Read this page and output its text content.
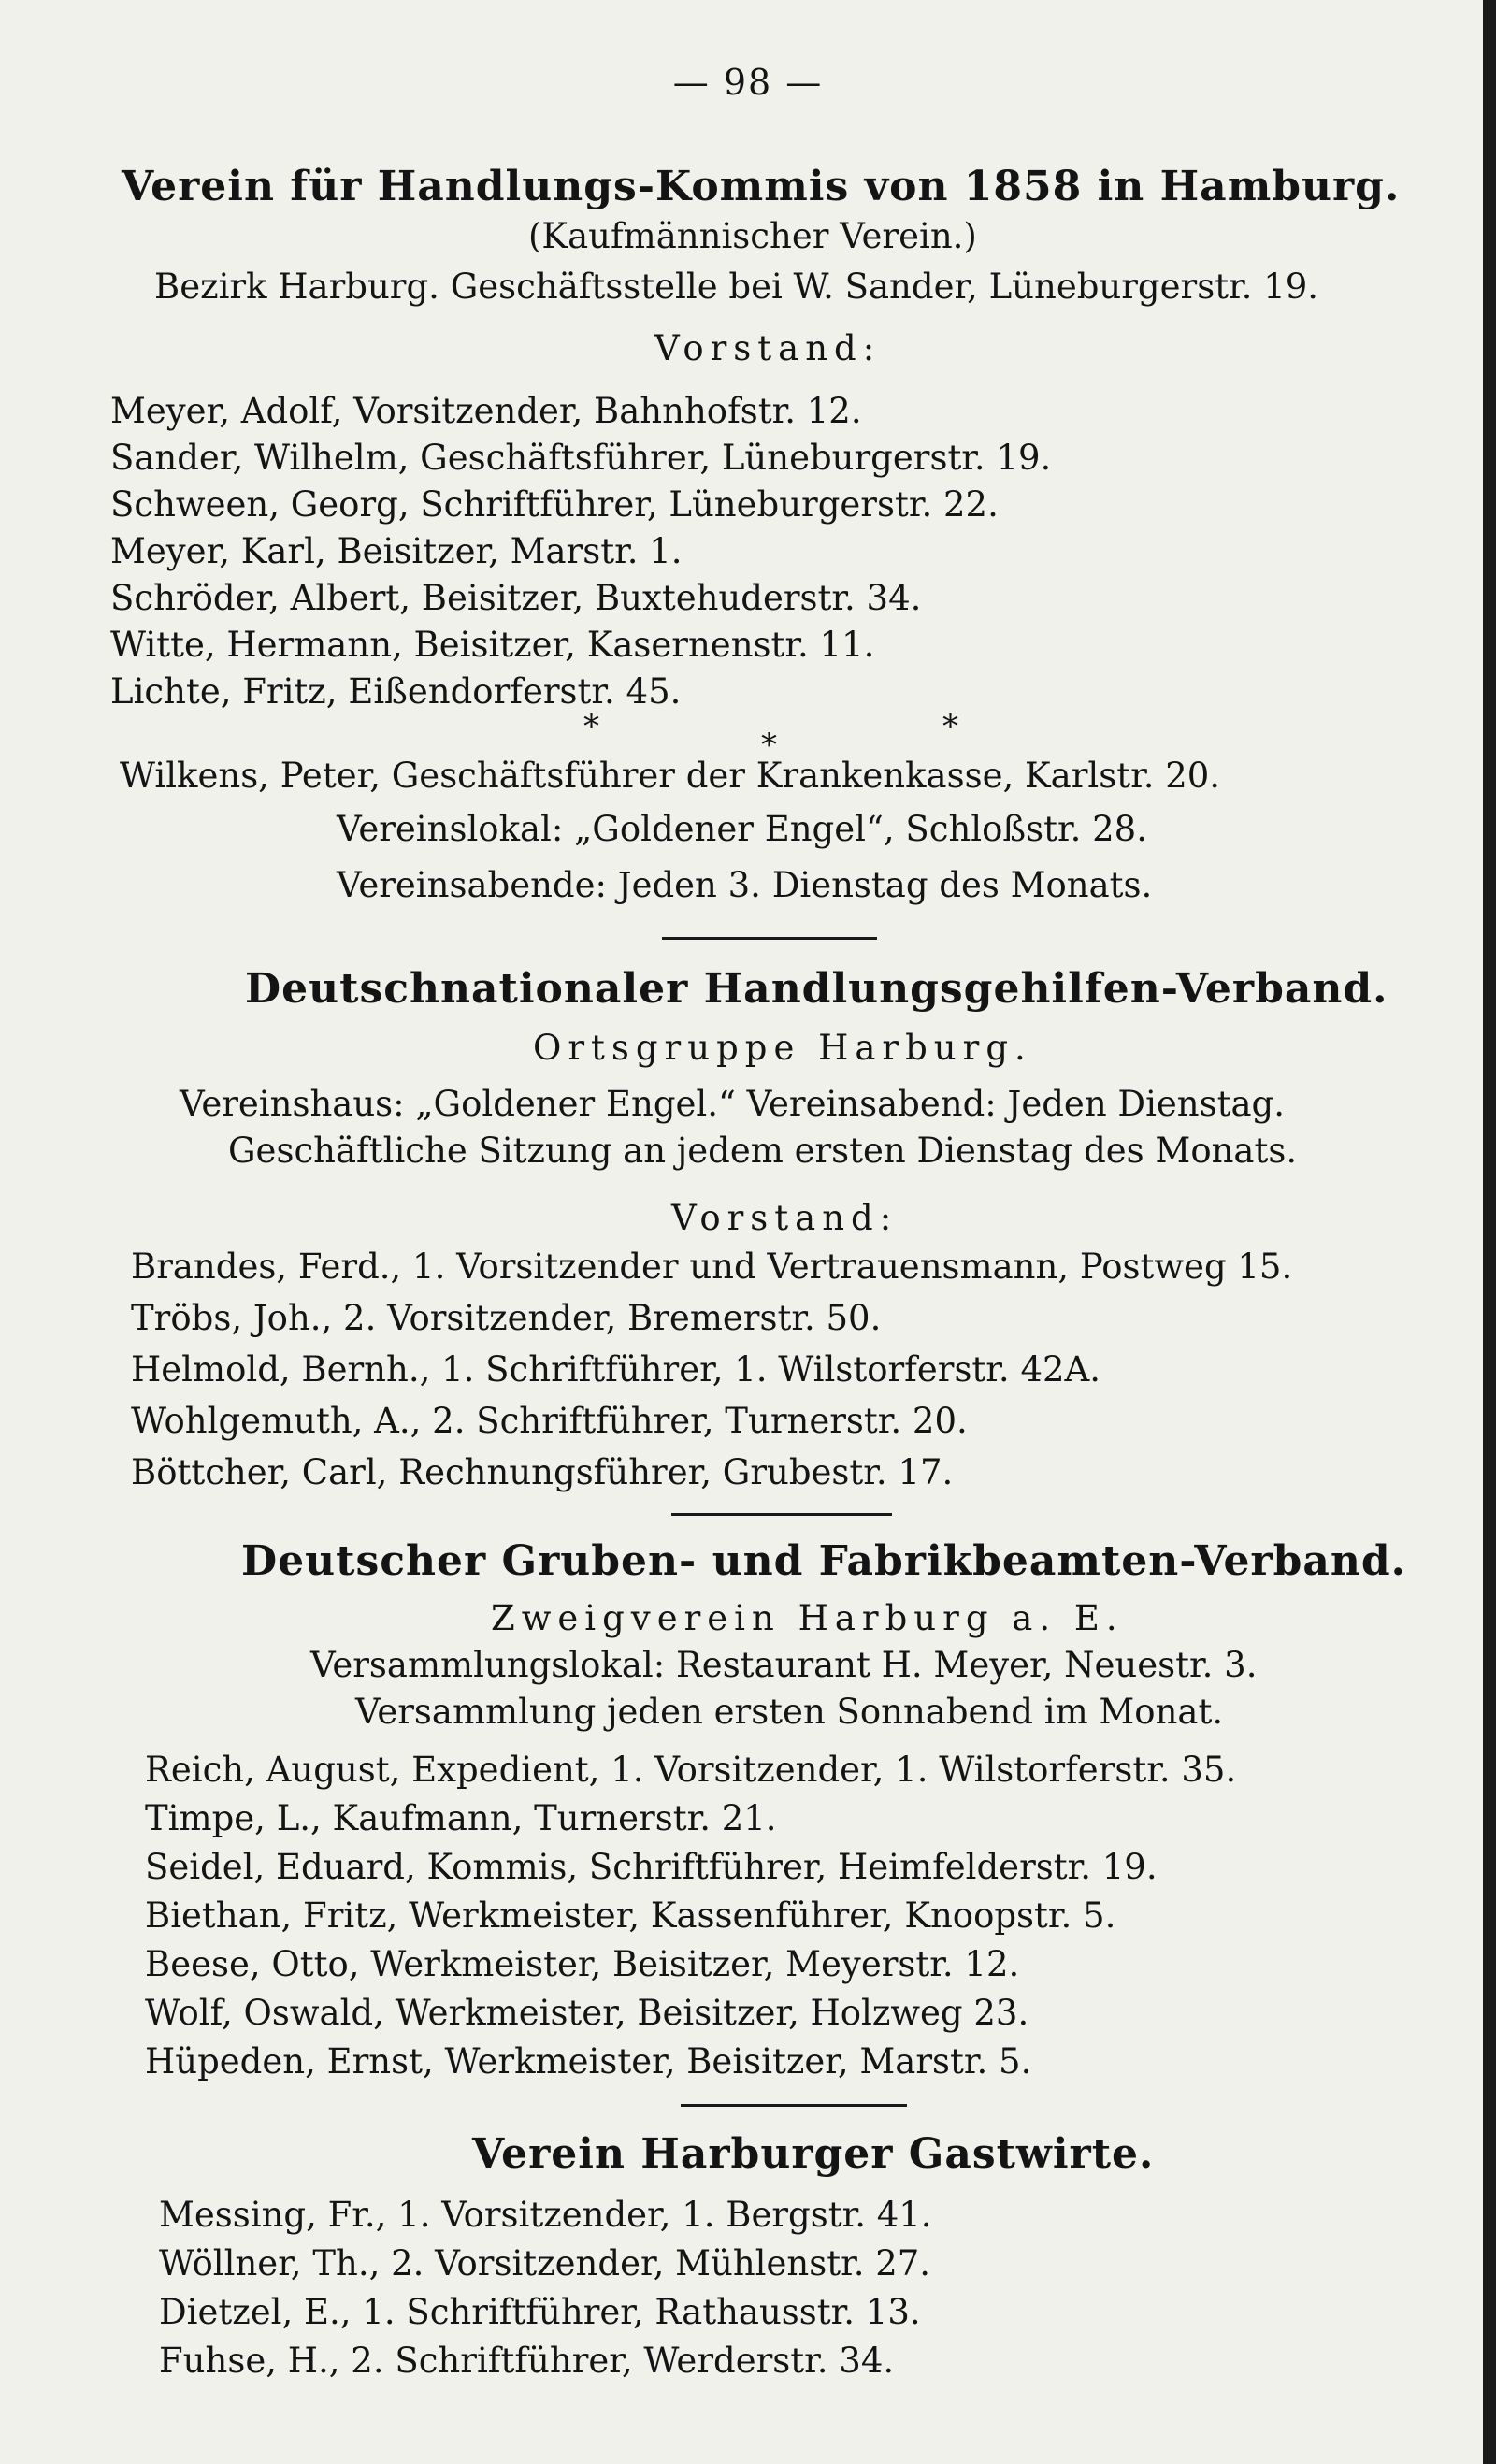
— 98 —
Verein für Handlungs-Kommis von 1858 in Hamburg.
(Kaufmännischer Verein.)
Bezirk Harburg. Geschäftsstelle bei W. Sander, Lüneburgerstr. 19.
Vorstand:
Meyer, Adolf, Vorsitzender, Bahnhofstr. 12.
Sander, Wilhelm, Geschäftsführer, Lüneburgerstr. 19.
Schween, Georg, Schriftführer, Lüneburgerstr. 22.
Meyer, Karl, Beisitzer, Marstr. 1.
Schröder, Albert, Beisitzer, Buxtehuderstr. 34.
Witte, Hermann, Beisitzer, Kasernenstr. 11.
Lichte, Fritz, Eißendorferstr. 45.
*	*	*
Wilkens, Peter, Geschäftsführer der Krankenkasse, Karlstr. 20.
Vereinslokal: „Goldener Engel“, Schloßstr. 28.
Vereinsabende: Jeden 3. Dienstag des Monats.
Deutschnationaler Handlungsgehilfen-Verband.
Ortsgruppe Harburg.
Vereinshaus: „Goldener Engel.“ Vereinsabend: Jeden Dienstag.
Geschäftliche Sitzung an jedem ersten Dienstag des Monats.
Vorstand:
Brandes, Ferd., 1. Vorsitzender und Vertrauensmann, Postweg 15.
Tröbs, Joh., 2. Vorsitzender, Bremerstr. 50.
Helmold, Bernh., 1. Schriftführer, 1. Wilstorferstr. 42A.
Wohlgemuth, A., 2. Schriftführer, Turnerstr. 20.
Böttcher, Carl, Rechnungsführer, Grubestr. 17.
Deutscher Gruben- und Fabrikbeamten-Verband.
Zweigverein Harburg a. E.
Versammlungslokal: Restaurant H. Meyer, Neuestr. 3.
Versammlung jeden ersten Sonnabend im Monat.
Reich, August, Expedient, 1. Vorsitzender, 1. Wilstorferstr. 35.
Timpe, L., Kaufmann, Turnerstr. 21.
Seidel, Eduard, Kommis, Schriftführer, Heimfelderstr. 19.
Biethan, Fritz, Werkmeister, Kassenführer, Knoopstr. 5.
Beese, Otto, Werkmeister, Beisitzer, Meyerstr. 12.
Wolf, Oswald, Werkmeister, Beisitzer, Holzweg 23.
Hüpeden, Ernst, Werkmeister, Beisitzer, Marstr. 5.
Verein Harburger Gastwirte.
Messing, Fr., 1. Vorsitzender, 1. Bergstr. 41.
Wöllner, Th., 2. Vorsitzender, Mühlenstr. 27.
Dietzel, E., 1. Schriftführer, Rathausstr. 13.
Fuhse, H., 2. Schriftführer, Werderstr. 34.
